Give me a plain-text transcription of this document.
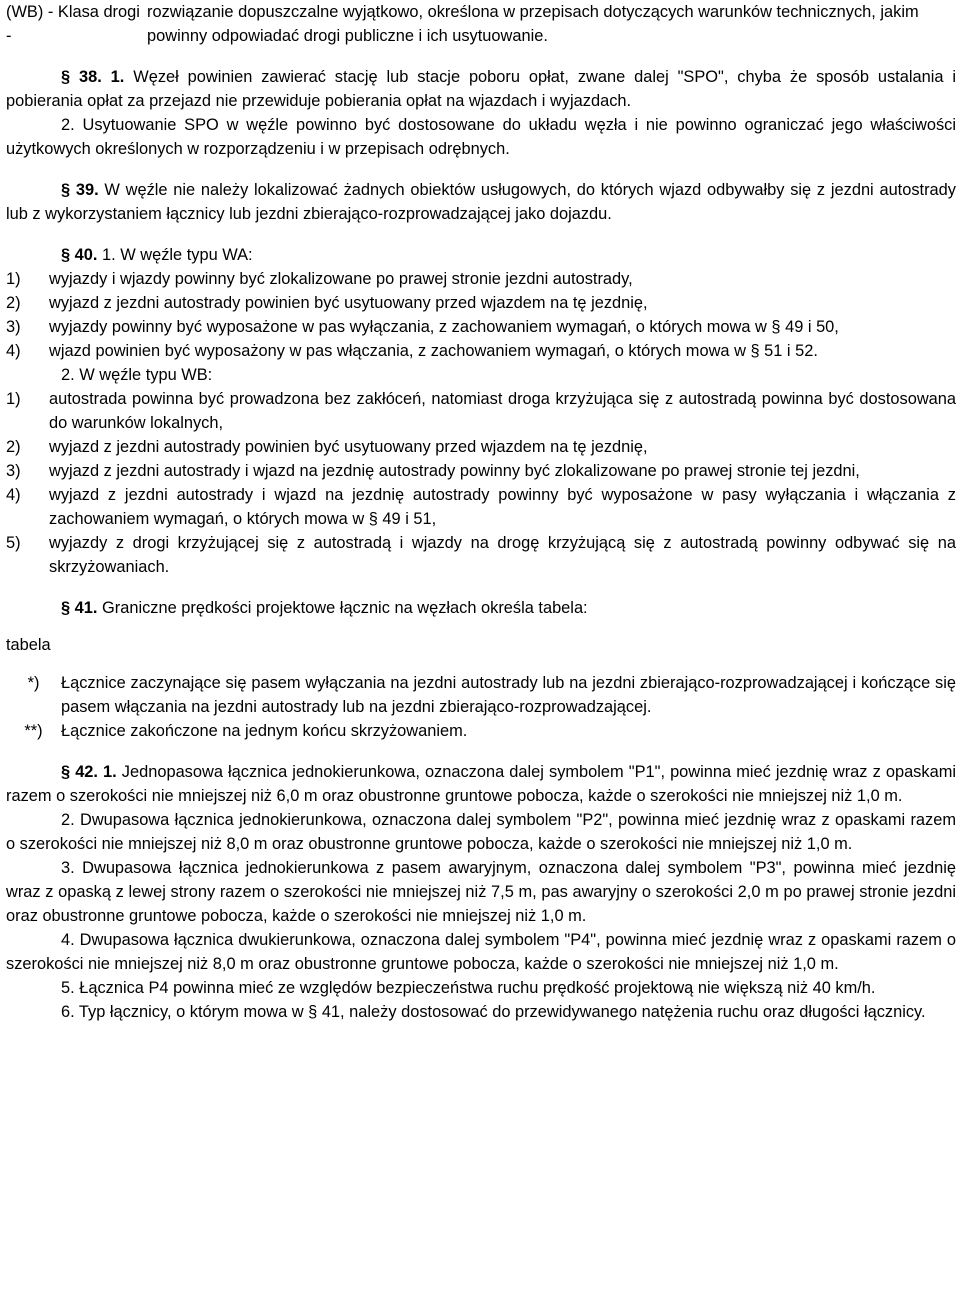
(WB) - Klasa drogi -
rozwiązanie dopuszczalne wyjątkowo, określona w przepisach dotyczących warunków technicznych, jakim powinny odpowiadać drogi publiczne i ich usytuowanie.

§ 38. 1. Węzeł powinien zawierać stację lub stacje poboru opłat, zwane dalej "SPO", chyba że sposób ustalania i pobierania opłat za przejazd nie przewiduje pobierania opłat na wjazdach i wyjazdach.

2. Usytuowanie SPO w węźle powinno być dostosowane do układu węzła i nie powinno ograniczać jego właściwości użytkowych określonych w rozporządzeniu i w przepisach odrębnych.

§ 39. W węźle nie należy lokalizować żadnych obiektów usługowych, do których wjazd odbywałby się z jezdni autostrady lub z wykorzystaniem łącznicy lub jezdni zbierająco-rozprowadzającej jako dojazdu.

§ 40. 1. W węźle typu WA:

1)	wyjazdy i wjazdy powinny być zlokalizowane po prawej stronie jezdni autostrady,
2)	wyjazd z jezdni autostrady powinien być usytuowany przed wjazdem na tę jezdnię,
3)	wyjazdy powinny być wyposażone w pas wyłączania, z zachowaniem wymagań, o których mowa w § 49 i 50,
4)	wjazd powinien być wyposażony w pas włączania, z zachowaniem wymagań, o których mowa w § 51 i 52.

2. W węźle typu WB:

1)	autostrada powinna być prowadzona bez zakłóceń, natomiast droga krzyżująca się z autostradą powinna być dostosowana do warunków lokalnych,
2)	wyjazd z jezdni autostrady powinien być usytuowany przed wjazdem na tę jezdnię,
3)	wyjazd z jezdni autostrady i wjazd na jezdnię autostrady powinny być zlokalizowane po prawej stronie tej jezdni,
4)	wyjazd z jezdni autostrady i wjazd na jezdnię autostrady powinny być wyposażone w pasy wyłączania i włączania z zachowaniem wymagań, o których mowa w § 49 i 51,
5)	wyjazdy z drogi krzyżującej się z autostradą i wjazdy na drogę krzyżującą się z autostradą powinny odbywać się na skrzyżowaniach.

§ 41. Graniczne prędkości projektowe łącznic na węzłach określa tabela:

tabela

*)	Łącznice zaczynające się pasem wyłączania na jezdni autostrady lub na jezdni zbierająco-rozprowadzającej i kończące się pasem włączania na jezdni autostrady lub na jezdni zbierająco-rozprowadzającej.
**)	Łącznice zakończone na jednym końcu skrzyżowaniem.

§ 42. 1. Jednopasowa łącznica jednokierunkowa, oznaczona dalej symbolem "P1", powinna mieć jezdnię wraz z opaskami razem o szerokości nie mniejszej niż 6,0 m oraz obustronne gruntowe pobocza, każde o szerokości nie mniejszej niż 1,0 m.

2. Dwupasowa łącznica jednokierunkowa, oznaczona dalej symbolem "P2", powinna mieć jezdnię wraz z opaskami razem o szerokości nie mniejszej niż 8,0 m oraz obustronne gruntowe pobocza, każde o szerokości nie mniejszej niż 1,0 m.

3. Dwupasowa łącznica jednokierunkowa z pasem awaryjnym, oznaczona dalej symbolem "P3", powinna mieć jezdnię wraz z opaską z lewej strony razem o szerokości nie mniejszej niż 7,5 m, pas awaryjny o szerokości 2,0 m po prawej stronie jezdni oraz obustronne gruntowe pobocza, każde o szerokości nie mniejszej niż 1,0 m.

4. Dwupasowa łącznica dwukierunkowa, oznaczona dalej symbolem "P4", powinna mieć jezdnię wraz z opaskami razem o szerokości nie mniejszej niż 8,0 m oraz obustronne gruntowe pobocza, każde o szerokości nie mniejszej niż 1,0 m.

5. Łącznica P4 powinna mieć ze względów bezpieczeństwa ruchu prędkość projektową nie większą niż 40 km/h.

6. Typ łącznicy, o którym mowa w § 41, należy dostosować do przewidywanego natężenia ruchu oraz długości łącznicy.
